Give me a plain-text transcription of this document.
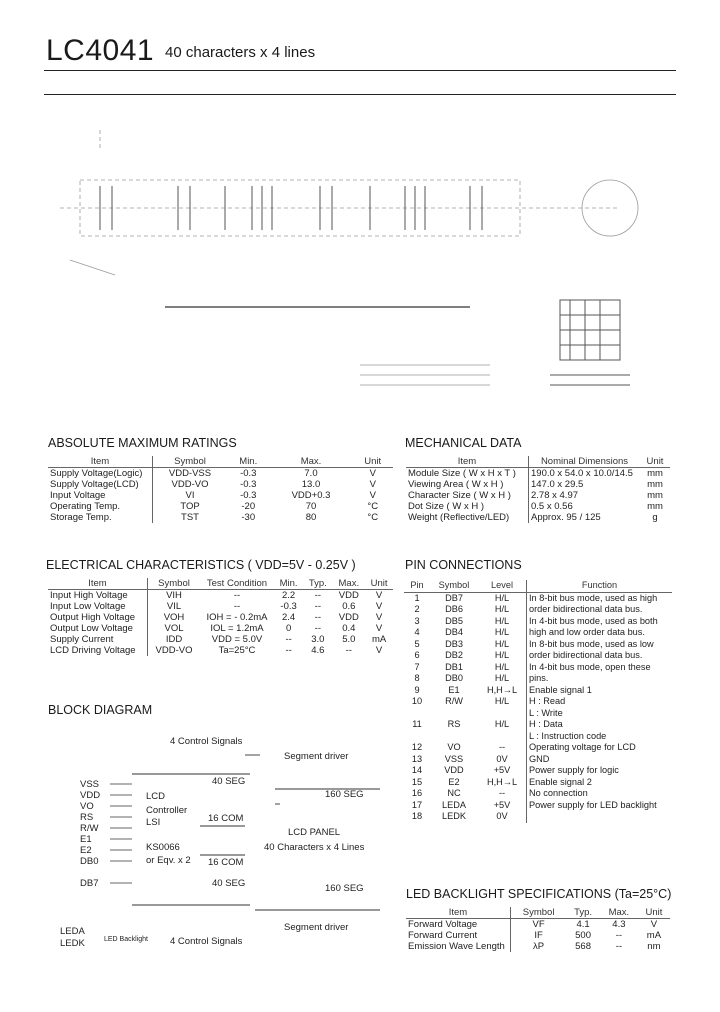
LC4041 40 characters x 4 lines
ABSOLUTE MAXIMUM RATINGS
Item	Symbol	Min.	Max.	Unit
Supply Voltage(Logic)	VDD-VSS	-0.3	7.0	V
Supply Voltage(LCD)	VDD-VO	-0.3	13.0	V
Input Voltage	VI	-0.3	VDD+0.3	V
Operating Temp.	TOP	-20	70	°C
Storage Temp.	TST	-30	80	°C
MECHANICAL DATA
Item	Nominal Dimensions	Unit
Module Size ( W x H x T )	190.0 x 54.0 x 10.0/14.5	mm
Viewing Area ( W x H )	147.0 x 29.5	mm
Character Size ( W x H )	2.78 x 4.97	mm
Dot Size ( W x H )	0.5 x 0.56	mm
Weight (Reflective/LED)	Approx. 95 / 125	g
ELECTRICAL CHARACTERISTICS ( VDD=5V - 0.25V )
Item	Symbol	Test Condition	Min.	Typ.	Max.	Unit
Input High Voltage	VIH	--	2.2	--	VDD	V
Input Low Voltage	VIL	--	-0.3	--	0.6	V
Output High Voltage	VOH	IOH = - 0.2mA	2.4	--	VDD	V
Output Low Voltage	VOL	IOL = 1.2mA	0	--	0.4	V
Supply Current	IDD	VDD = 5.0V	--	3.0	5.0	mA
LCD Driving Voltage	VDD-VO	Ta=25°C	--	4.6	--	V
PIN CONNECTIONS
Pin	Symbol	Level	Function
1	DB7	H/L	In 8-bit bus mode, used as high
2	DB6	H/L	order bidirectional data bus.
3	DB5	H/L	In 4-bit bus mode, used as both
4	DB4	H/L	high and low order data bus.
5	DB3	H/L	In 8-bit bus mode, used as low
6	DB2	H/L	order bidirectional data bus.
7	DB1	H/L	In 4-bit bus mode, open these
8	DB0	H/L	pins.
9	E1	H,H→L	Enable signal 1
10	R/W	H/L	H : Read
			L : Write
11	RS	H/L	H : Data
			L : Instruction code
12	VO	--	Operating voltage for LCD
13	VSS	0V	GND
14	VDD	+5V	Power supply for logic
15	E2	H,H→L	Enable signal 2
16	NC	--	No connection
17	LEDA	+5V	Power supply for LED backlight
18	LEDK	0V	
BLOCK DIAGRAM
4 Control Signals
Segment driver
40 SEG
160 SEG
LCD
Controller
LSI	16 COM
LCD PANEL
40 Characters x 4 Lines
KS0066
or Eqv. x 2 16 COM
40 SEG	160 SEG
Segment driver
4 Control Signals
LED Backlight
VSS
VDD
VO
RS
R/W
E1
E2
DB0
DB7
LEDA
LEDK
LED BACKLIGHT SPECIFICATIONS (Ta=25°C)
Item	Symbol	Typ.	Max.	Unit
Forward Voltage	VF	4.1	4.3	V
Forward Current	IF	500	--	mA
Emission Wave Length	λP	568	--	nm
